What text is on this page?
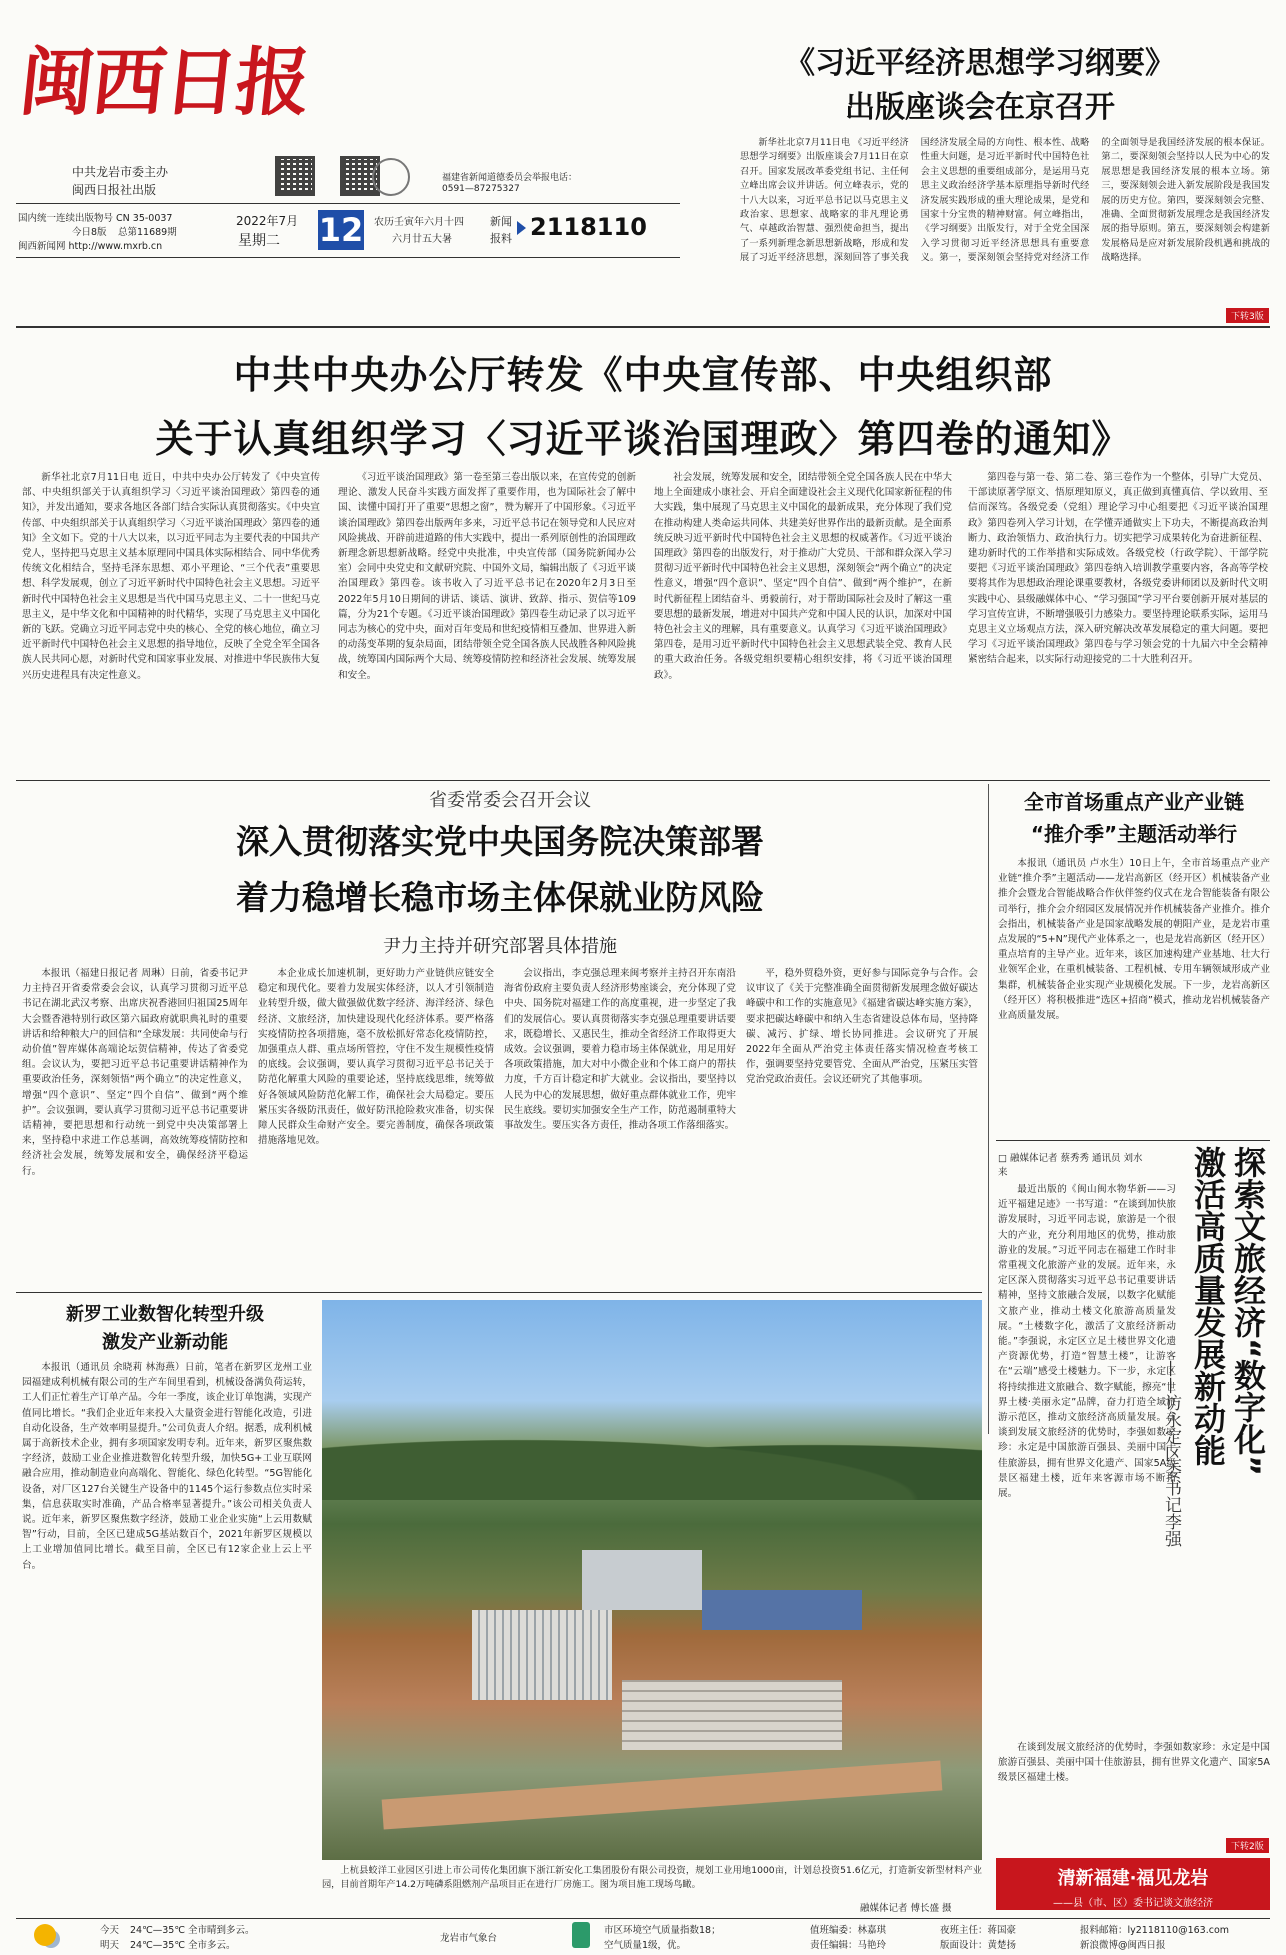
闽西日报
中共龙岩市委主办
闽西日报社出版
福建省新闻道德委员会举报电话：
0591—87275327
国内统一连续出版物号 CN 35-0037
今日8版 总第11689期
闽西新闻网 http://www.mxrb.cn
2022年7月
星期二 12 农历壬寅年六月十四
六月廿五大暑
新闻
报料 2118110
《习近平经济思想学习纲要》
出版座谈会在京召开

新华社北京7月11日电 《习近平经济思想学习纲要》出版座谈会7月11日在京召开。国家发展改革委党组书记、主任何立峰出席会议并讲话。何立峰表示，党的十八大以来，习近平总书记以马克思主义政治家、思想家、战略家的非凡理论勇气、卓越政治智慧、强烈使命担当，提出了一系列新理念新思想新战略，形成和发展了习近平经济思想，深刻回答了事关我国经济发展全局的方向性、根本性、战略性重大问题，是习近平新时代中国特色社会主义思想的重要组成部分，是运用马克思主义政治经济学基本原理指导新时代经济发展实践形成的重大理论成果，是党和国家十分宝贵的精神财富。何立峰指出，《学习纲要》出版发行，对于全党全国深入学习贯彻习近平经济思想具有重要意义。第一，要深刻领会坚持党对经济工作的全面领导是我国经济发展的根本保证。第二，要深刻领会坚持以人民为中心的发展思想是我国经济发展的根本立场。第三，要深刻领会进入新发展阶段是我国发展的历史方位。第四，要深刻领会完整、准确、全面贯彻新发展理念是我国经济发展的指导原则。第五，要深刻领会构建新发展格局是应对新发展阶段机遇和挑战的战略选择。

下转3版
中共中央办公厅转发《中央宣传部、中央组织部
关于认真组织学习〈习近平谈治国理政〉第四卷的通知》

新华社北京7月11日电 近日，中共中央办公厅转发了《中央宣传部、中央组织部关于认真组织学习〈习近平谈治国理政〉第四卷的通知》，并发出通知，要求各地区各部门结合实际认真贯彻落实。《中央宣传部、中央组织部关于认真组织学习〈习近平谈治国理政〉第四卷的通知》全文如下。党的十八大以来，以习近平同志为主要代表的中国共产党人，坚持把马克思主义基本原理同中国具体实际相结合、同中华优秀传统文化相结合，坚持毛泽东思想、邓小平理论、“三个代表”重要思想、科学发展观，创立了习近平新时代中国特色社会主义思想。习近平新时代中国特色社会主义思想是当代中国马克思主义、二十一世纪马克思主义，是中华文化和中国精神的时代精华，实现了马克思主义中国化新的飞跃。党确立习近平同志党中央的核心、全党的核心地位，确立习近平新时代中国特色社会主义思想的指导地位，反映了全党全军全国各族人民共同心愿，对新时代党和国家事业发展、对推进中华民族伟大复兴历史进程具有决定性意义。

《习近平谈治国理政》第一卷至第三卷出版以来，在宣传党的创新理论、激发人民奋斗实践方面发挥了重要作用，也为国际社会了解中国、读懂中国打开了重要“思想之窗”，赞为解开了中国形象。《习近平谈治国理政》第四卷出版两年多来，习近平总书记在领导党和人民应对风险挑战、开辟前进道路的伟大实践中，提出一系列原创性的治国理政新理念新思想新战略。经党中央批准，中央宣传部（国务院新闻办公室）会同中央党史和文献研究院、中国外文局，编辑出版了《习近平谈治国理政》第四卷。该书收入了习近平总书记在2020年2月3日至2022年5月10日期间的讲话、谈话、演讲、致辞、指示、贺信等109篇，分为21个专题。《习近平谈治国理政》第四卷生动记录了以习近平同志为核心的党中央，面对百年变局和世纪疫情相互叠加、世界进入新的动荡变革期的复杂局面，团结带领全党全国各族人民战胜各种风险挑战，统筹国内国际两个大局、统筹疫情防控和经济社会发展、统筹发展和安全。

社会发展，统筹发展和安全，团结带领全党全国各族人民在中华大地上全面建成小康社会、开启全面建设社会主义现代化国家新征程的伟大实践，集中展现了马克思主义中国化的最新成果，充分体现了我们党在推动构建人类命运共同体、共建美好世界作出的最新贡献。是全面系统反映习近平新时代中国特色社会主义思想的权威著作。《习近平谈治国理政》第四卷的出版发行，对于推动广大党员、干部和群众深入学习贯彻习近平新时代中国特色社会主义思想，深刻领会“两个确立”的决定性意义，增强“四个意识”、坚定“四个自信”、做到“两个维护”，在新时代新征程上团结奋斗、勇毅前行，对于帮助国际社会及时了解这一重要思想的最新发展，增进对中国共产党和中国人民的认识，加深对中国特色社会主义的理解，具有重要意义。认真学习《习近平谈治国理政》第四卷，是用习近平新时代中国特色社会主义思想武装全党、教育人民的重大政治任务。各级党组织要精心组织安排，将《习近平谈治国理政》。

第四卷与第一卷、第二卷、第三卷作为一个整体，引导广大党员、干部读原著学原文、悟原理知原义，真正做到真懂真信、学以致用、至信而深笃。各级党委（党组）理论学习中心组要把《习近平谈治国理政》第四卷列入学习计划，在学懂弄通做实上下功夫，不断提高政治判断力、政治领悟力、政治执行力。切实把学习成果转化为奋进新征程、建功新时代的工作举措和实际成效。各级党校（行政学院）、干部学院要把《习近平谈治国理政》第四卷纳入培训教学重要内容，各高等学校要将其作为思想政治理论课重要教材，各级党委讲师团以及新时代文明实践中心、县级融媒体中心、“学习强国”学习平台要创新开展对基层的学习宣传宣讲，不断增强吸引力感染力。要坚持理论联系实际，运用马克思主义立场观点方法，深入研究解决改革发展稳定的重大问题。要把学习《习近平谈治国理政》第四卷与学习领会党的十九届六中全会精神紧密结合起来，以实际行动迎接党的二十大胜利召开。

省委常委会召开会议
深入贯彻落实党中央国务院决策部署
着力稳增长稳市场主体保就业防风险
尹力主持并研究部署具体措施

本报讯（福建日报记者 周琳）日前，省委书记尹力主持召开省委常委会会议，认真学习贯彻习近平总书记在湖北武汉考察、出席庆祝香港回归祖国25周年大会暨香港特别行政区第六届政府就职典礼时的重要讲话和给种粮大户的回信和“全球发展：共同使命与行动价值”智库媒体高端论坛贺信精神，传达了省委党组。会议认为，要把习近平总书记重要讲话精神作为重要政治任务，深刻领悟“两个确立”的决定性意义，增强“四个意识”、坚定“四个自信”、做到“两个维护”。会议强调，要认真学习贯彻习近平总书记重要讲话精神，要把思想和行动统一到党中央决策部署上来，坚持稳中求进工作总基调，高效统筹疫情防控和经济社会发展，统筹发展和安全，确保经济平稳运行。

本企业成长加速机制，更好助力产业链供应链安全稳定和现代化。要着力发展实体经济，以人才引领制造业转型升级，做大做强做优数字经济、海洋经济、绿色经济、文旅经济，加快建设现代化经济体系。要严格落实疫情防控各项措施，毫不放松抓好常态化疫情防控，加强重点人群、重点场所管控，守住不发生规模性疫情的底线。会议强调，要认真学习贯彻习近平总书记关于防范化解重大风险的重要论述，坚持底线思维，统筹做好各领域风险防范化解工作，确保社会大局稳定。要压紧压实各级防汛责任，做好防汛抢险救灾准备，切实保障人民群众生命财产安全。要完善制度，确保各项政策措施落地见效。

会议指出，李克强总理来闽考察并主持召开东南沿海省份政府主要负责人经济形势座谈会，充分体现了党中央、国务院对福建工作的高度重视，进一步坚定了我们的发展信心。要认真贯彻落实李克强总理重要讲话要求，既稳增长、又惠民生，推动全省经济工作取得更大成效。会议强调，要着力稳市场主体保就业，用足用好各项政策措施，加大对中小微企业和个体工商户的帮扶力度，千方百计稳定和扩大就业。会议指出，要坚持以人民为中心的发展思想，做好重点群体就业工作，兜牢民生底线。要切实加强安全生产工作，防范遏制重特大事故发生。要压实各方责任，推动各项工作落细落实。

平，稳外贸稳外资，更好参与国际竞争与合作。会议审议了《关于完整准确全面贯彻新发展理念做好碳达峰碳中和工作的实施意见》《福建省碳达峰实施方案》，要求把碳达峰碳中和纳入生态省建设总体布局，坚持降碳、减污、扩绿、增长协同推进。会议研究了开展2022年全面从严治党主体责任落实情况检查考核工作，强调要坚持党要管党、全面从严治党，压紧压实管党治党政治责任。会议还研究了其他事项。

全市首场重点产业产业链
“推介季”主题活动举行

本报讯（通讯员 卢水生）10日上午，全市首场重点产业产业链“推介季”主题活动——龙岩高新区（经开区）机械装备产业推介会暨龙合智能战略合作伙伴签约仪式在龙合智能装备有限公司举行，推介会介绍园区发展情况并作机械装备产业推介。推介会指出，机械装备产业是国家战略发展的朝阳产业，是龙岩市重点发展的“5+N”现代产业体系之一，也是龙岩高新区（经开区）重点培育的主导产业。近年来，该区加速构建产业基地、壮大行业领军企业，在重机械装备、工程机械、专用车辆领域形成产业集群，机械装备企业实现产业规模化发展。下一步，龙岩高新区（经开区）将积极推进“选区+招商”模式，推动龙岩机械装备产业高质量发展。

□ 融媒体记者 蔡秀秀 通讯员 刘水来

最近出版的《闽山闽水物华新——习近平福建足迹》一书写道：“在谈到加快旅游发展时，习近平同志说，旅游是一个很大的产业，充分利用地区的优势，推动旅游业的发展。”习近平同志在福建工作时非常重视文化旅游产业的发展。近年来，永定区深入贯彻落实习近平总书记重要讲话精神，坚持文旅融合发展，以数字化赋能文旅产业，推动土楼文化旅游高质量发展。“土楼数字化，激活了文旅经济新动能。”李强说，永定区立足土楼世界文化遗产资源优势，打造“智慧土楼”，让游客在“云端”感受土楼魅力。下一步，永定区将持续推进文旅融合、数字赋能，擦亮“世界土楼·美丽永定”品牌，奋力打造全域旅游示范区，推动文旅经济高质量发展。在谈到发展文旅经济的优势时，李强如数家珍：永定是中国旅游百强县、美丽中国十佳旅游县，拥有世界文化遗产、国家5A级景区福建土楼，近年来客源市场不断拓展。

探索文旅经济“数字化”
激活高质量发展新动能
——访永定区委书记李强

在谈到发展文旅经济的优势时，李强如数家珍：永定是中国旅游百强县、美丽中国十佳旅游县，拥有世界文化遗产、国家5A级景区福建土楼。

下转2版
清新福建·福见龙岩
——县（市、区）委书记谈文旅经济
新罗工业数智化转型升级
激发产业新动能

本报讯（通讯员 余晓莉 林海燕）日前，笔者在新罗区龙州工业园福建成利机械有限公司的生产车间里看到，机械设备满负荷运转，工人们正忙着生产订单产品。今年一季度，该企业订单饱满，实现产值同比增长。“我们企业近年来投入大量资金进行智能化改造，引进自动化设备，生产效率明显提升。”公司负责人介绍。据悉，成利机械属于高新技术企业，拥有多项国家发明专利。近年来，新罗区聚焦数字经济，鼓励工业企业推进数智化转型升级，加快5G+工业互联网融合应用，推动制造业向高端化、智能化、绿色化转型。“5G智能化设备，对厂区127台关键生产设备中的1145个运行参数点位实时采集，信息获取实时准确，产品合格率显著提升。”该公司相关负责人说。近年来，新罗区聚焦数字经济，鼓励工业企业实施“上云用数赋智”行动，目前，全区已建成5G基站数百个，2021年新罗区规模以上工业增加值同比增长。截至目前，全区已有12家企业上云上平台。

上杭县蛟洋工业园区引进上市公司传化集团旗下浙江新安化工集团股份有限公司投资，规划工业用地1000亩，计划总投资51.6亿元，打造新安新型材料产业园，目前首期年产14.2万吨磷系阻燃剂产品项目正在进行厂房施工。图为项目施工现场鸟瞰。

融媒体记者 傅长盛 摄
今天 24℃—35℃ 全市晴到多云。
明天 24℃—35℃ 全市多云。
龙岩市气象台
市区环境空气质量指数18；
空气质量1级，优。
值班编委：林嘉琪	夜班主任：蒋国豪
责任编辑：马艳玲	版面设计：黄楚扬
报料邮箱：ly2118110@163.com
新浪微博@闽西日报
